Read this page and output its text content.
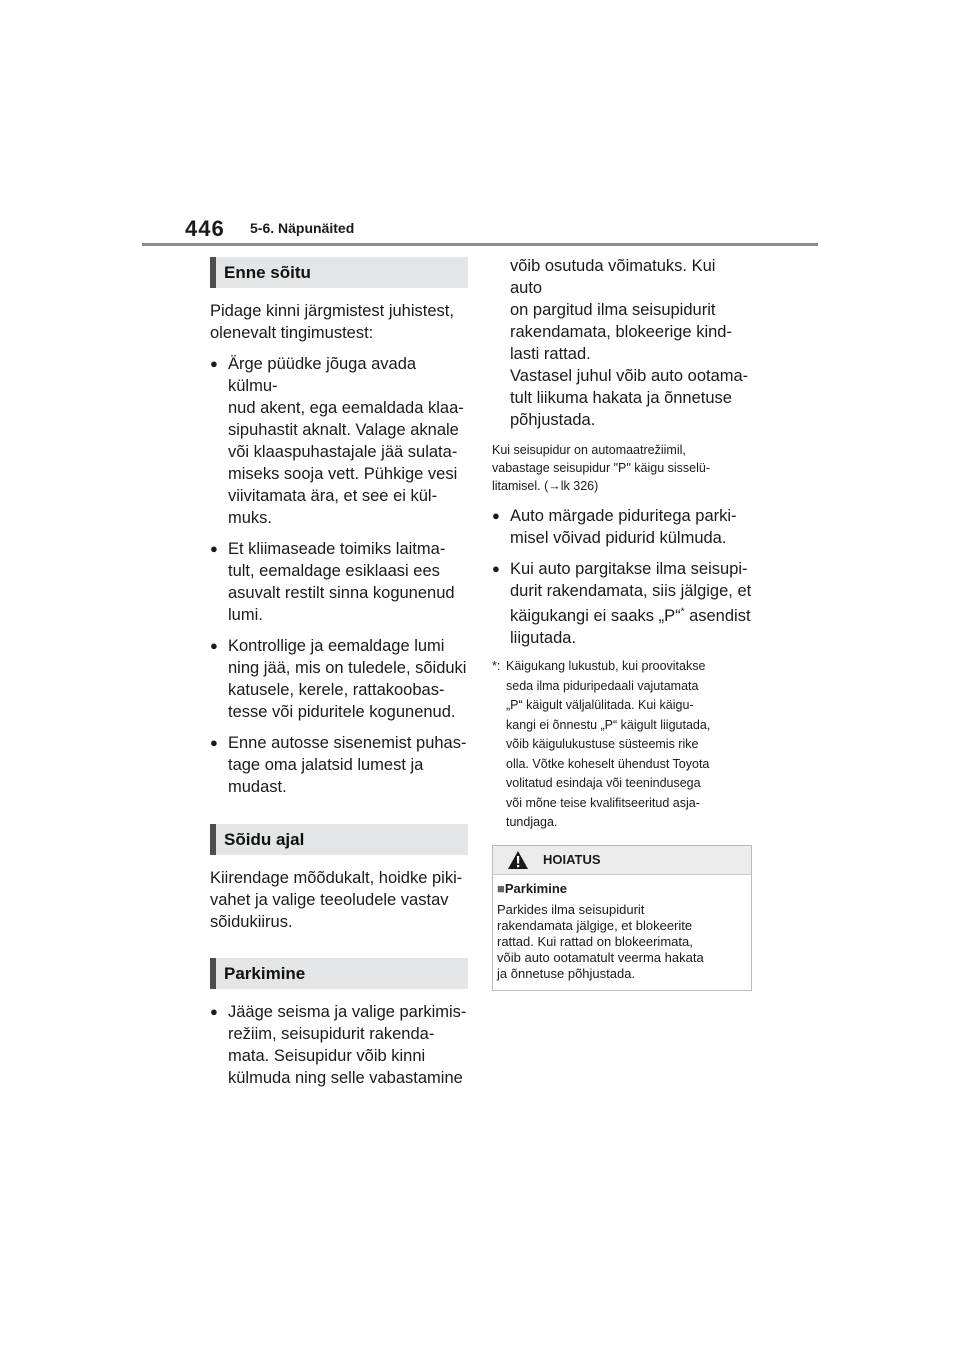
446 5-6. Näpunäited
Enne sõitu

Pidage kinni järgmistest juhistest,

olenevalt tingimustest:

● Ärge püüdke jõuga avada külmu-

nud akent, ega eemaldada klaa-

sipuhastit aknalt. Valage aknale

või klaaspuhastajale jää sulata-

miseks sooja vett. Pühkige vesi

viivitamata ära, et see ei kül-

muks.

● Et kliimaseade toimiks laitma-

tult, eemaldage esiklaasi ees

asuvalt restilt sinna kogunenud

lumi.

● Kontrollige ja eemaldage lumi

ning jää, mis on tuledele, sõiduki

katusele, kerele, rattakoobas-

tesse või piduritele kogunenud.

● Enne autosse sisenemist puhas-

tage oma jalatsid lumest ja

mudast.

Sõidu ajal

Kiirendage mõõdukalt, hoidke piki-

vahet ja valige teeoludele vastav

sõidukiirus.

Parkimine
● Jääge seisma ja valige parkimis-

režiim, seisupidurit rakenda-

mata. Seisupidur võib kinni

külmuda ning selle vabastamine

võib osutuda võimatuks. Kui auto

on pargitud ilma seisupidurit

rakendamata, blokeerige kind-

lasti rattad.

Vastasel juhul võib auto ootama-

tult liikuma hakata ja õnnetuse

põhjustada.

Kui seisupidur on automaatrežiimil,

vabastage seisupidur "P" käigu sisselü-

litamisel. (→lk 326)

● Auto märgade piduritega parki-

misel võivad pidurid külmuda.

● Kui auto pargitakse ilma seisupi-

durit rakendamata, siis jälgige, et

käigukangi ei saaks „P“* asendist

liigutada.

*: Käigukang lukustub, kui proovitakse

seda ilma piduripedaali vajutamata

„P“ käigult väljalülitada. Kui käigu-

kangi ei õnnestu „P“ käigult liigutada,

võib käigulukustuse süsteemis rike

olla. Võtke koheselt ühendust Toyota

volitatud esindaja või teenindusega

või mõne teise kvalifitseeritud asja-

tundjaga.

HOIATUS
■Parkimine

Parkides ilma seisupidurit

rakendamata jälgige, et blokeerite

rattad. Kui rattad on blokeerimata,

võib auto ootamatult veerma hakata

ja õnnetuse põhjustada.
